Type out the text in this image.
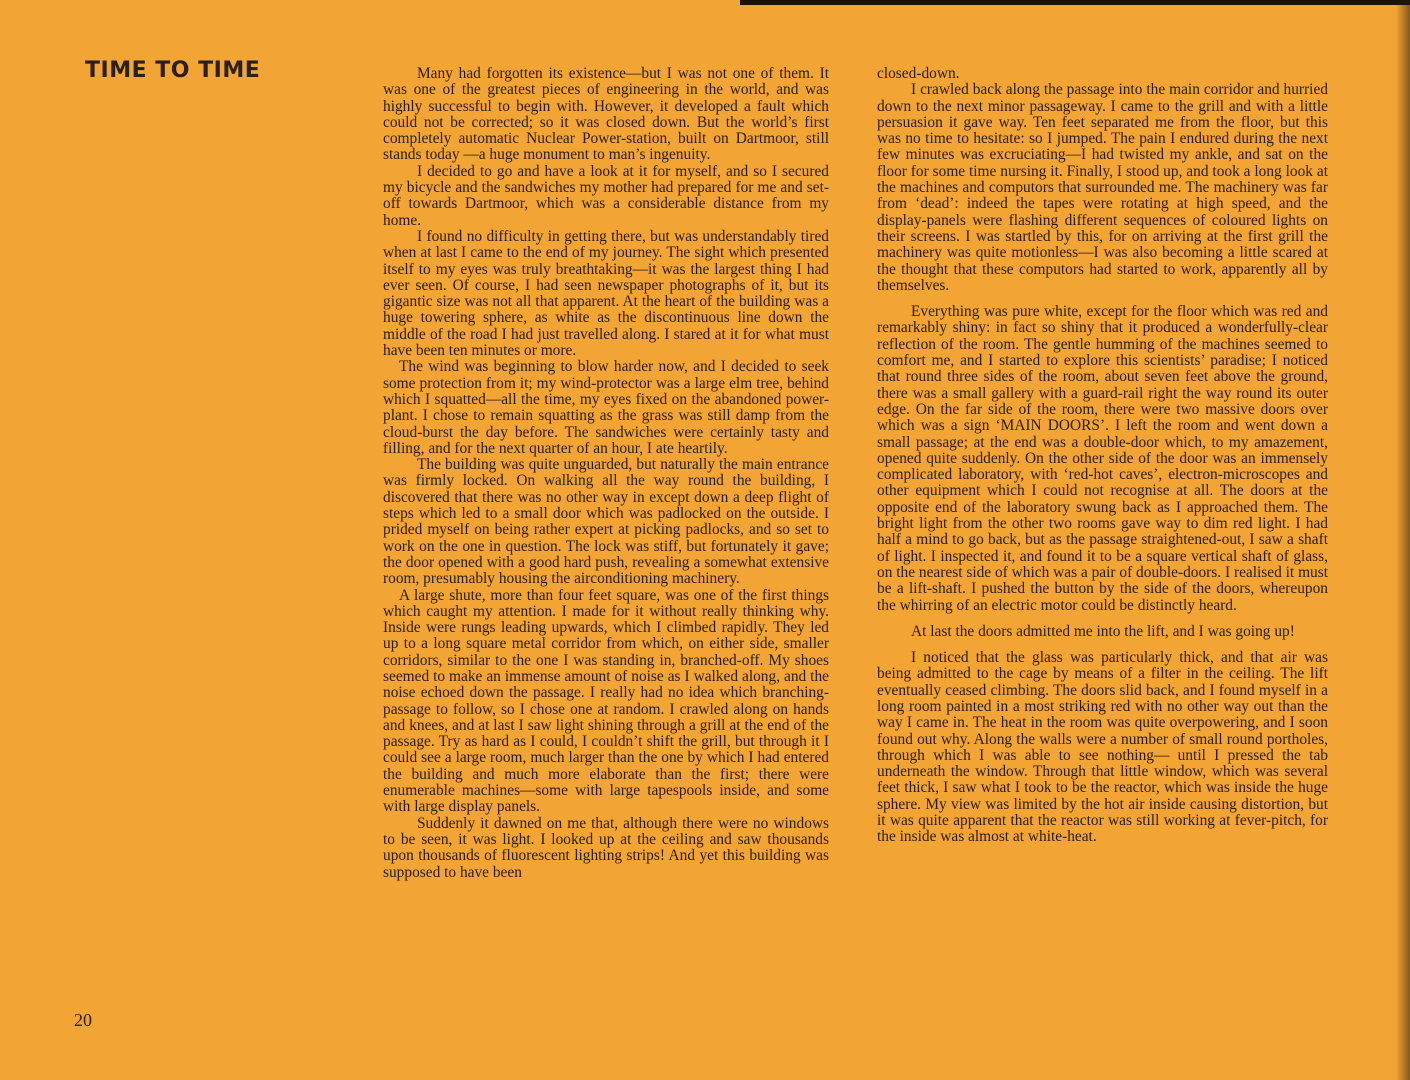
TIME TO TIME	Many had forgotten its existence—but I was not one of them. It was one of the greatest pieces of engineering in the world, and was highly successful to begin with. However, it developed a fault which could not be corrected; so it was closed down. But the world’s first completely automatic Nuclear Power-station, built on Dartmoor, still stands today —a huge monument to man’s ingenuity.

I decided to go and have a look at it for myself, and so I secured my bicycle and the sandwiches my mother had prepared for me and set-off towards Dartmoor, which was a considerable distance from my home.

I found no difficulty in getting there, but was understandably tired when at last I came to the end of my journey. The sight which presented itself to my eyes was truly breathtaking—it was the largest thing I had ever seen. Of course, I had seen newspaper photographs of it, but its gigantic size was not all that apparent. At the heart of the building was a huge towering sphere, as white as the discontinuous line down the middle of the road I had just travelled along. I stared at it for what must have been ten minutes or more.

The wind was beginning to blow harder now, and I decided to seek some protection from it; my wind-protector was a large elm tree, behind which I squatted—all the time, my eyes fixed on the abandoned power-plant. I chose to remain squatting as the grass was still damp from the cloud-burst the day before. The sandwiches were certainly tasty and filling, and for the next quarter of an hour, I ate heartily.

The building was quite unguarded, but naturally the main entrance was firmly locked. On walking all the way round the building, I discovered that there was no other way in except down a deep flight of steps which led to a small door which was padlocked on the outside. I prided myself on being rather expert at picking padlocks, and so set to work on the one in question. The lock was stiff, but fortunately it gave; the door opened with a good hard push, revealing a somewhat extensive room, presumably housing the airconditioning machinery.

A large shute, more than four feet square, was one of the first things which caught my attention. I made for it without really thinking why. Inside were rungs leading upwards, which I climbed rapidly. They led up to a long square metal corridor from which, on either side, smaller corridors, similar to the one I was standing in, branched-off. My shoes seemed to make an immense amount of noise as I walked along, and the noise echoed down the passage. I really had no idea which branching-passage to follow, so I chose one at random. I crawled along on hands and knees, and at last I saw light shining through a grill at the end of the passage. Try as hard as I could, I couldn’t shift the grill, but through it I could see a large room, much larger than the one by which I had entered the building and much more elaborate than the first; there were enumerable machines—some with large tapespools inside, and some with large display panels.

Suddenly it dawned on me that, although there were no windows to be seen, it was light. I looked up at the ceiling and saw thousands upon thousands of fluorescent lighting strips! And yet this building was supposed to have been

closed-down.

I crawled back along the passage into the main corridor and hurried down to the next minor passageway. I came to the grill and with a little persuasion it gave way. Ten feet separated me from the floor, but this was no time to hesitate: so I jumped. The pain I endured during the next few minutes was excruciating—I had twisted my ankle, and sat on the floor for some time nursing it. Finally, I stood up, and took a long look at the machines and computors that surrounded me. The machinery was far from ‘dead’: indeed the tapes were rotating at high speed, and the display-panels were flashing different sequences of coloured lights on their screens. I was startled by this, for on arriving at the first grill the machinery was quite motionless—I was also becoming a little scared at the thought that these computors had started to work, apparently all by themselves.

Everything was pure white, except for the floor which was red and remarkably shiny: in fact so shiny that it produced a wonderfully-clear reflection of the room. The gentle humming of the machines seemed to comfort me, and I started to explore this scientists’ paradise; I noticed that round three sides of the room, about seven feet above the ground, there was a small gallery with a guard-rail right the way round its outer edge. On the far side of the room, there were two massive doors over which was a sign ‘MAIN DOORS’. I left the room and went down a small passage; at the end was a double-door which, to my amazement, opened quite suddenly. On the other side of the door was an immensely complicated laboratory, with ‘red-hot caves’, electron-microscopes and other equipment which I could not recognise at all. The doors at the opposite end of the laboratory swung back as I approached them. The bright light from the other two rooms gave way to dim red light. I had half a mind to go back, but as the passage straightened-out, I saw a shaft of light. I inspected it, and found it to be a square vertical shaft of glass, on the nearest side of which was a pair of double-doors. I realised it must be a lift-shaft. I pushed the button by the side of the doors, whereupon the whirring of an electric motor could be distinctly heard.

At last the doors admitted me into the lift, and I was going up!

I noticed that the glass was particularly thick, and that air was being admitted to the cage by means of a filter in the ceiling. The lift eventually ceased climbing. The doors slid back, and I found myself in a long room painted in a most striking red with no other way out than the way I came in. The heat in the room was quite overpowering, and I soon found out why. Along the walls were a number of small round portholes, through which I was able to see nothing— until I pressed the tab underneath the window. Through that little window, which was several feet thick, I saw what I took to be the reactor, which was inside the huge sphere. My view was limited by the hot air inside causing distortion, but it was quite apparent that the reactor was still working at fever-pitch, for the inside was almost at white-heat.

20
